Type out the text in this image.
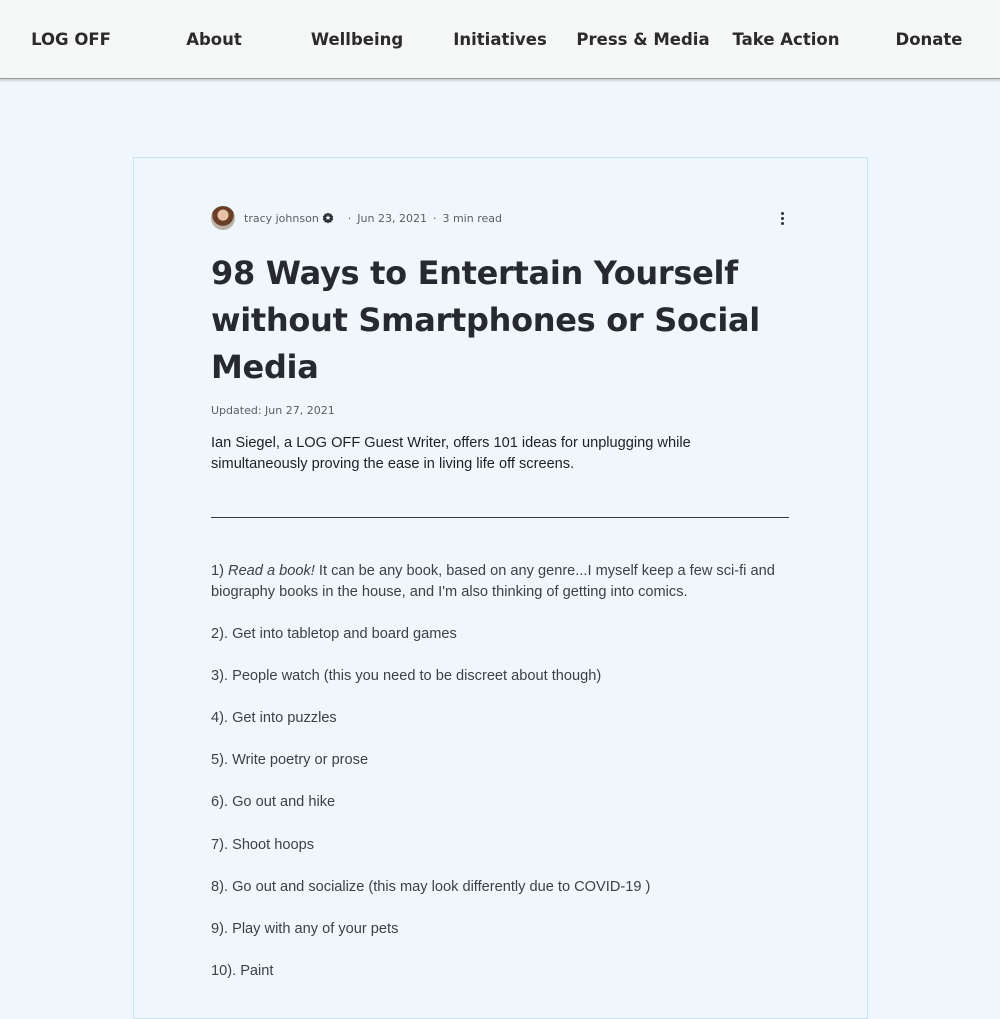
LOG OFF	About	Wellbeing	Initiatives Press & Media Take Action	Donate
tracy johnson	· Jun 23, 2021 · 3 min read
98 Ways to Entertain Yourself without Smartphones or Social Media
Updated: Jun 27, 2021
Ian Siegel, a LOG OFF Guest Writer, offers 101 ideas for unplugging while simultaneously proving the ease in living life off screens.
1) Read a book! It can be any book, based on any genre...I myself keep a few sci-fi and
biography books in the house, and I'm also thinking of getting into comics.
2). Get into tabletop and board games
3). People watch (this you need to be discreet about though)
4). Get into puzzles
5). Write poetry or prose
6). Go out and hike
7). Shoot hoops
8). Go out and socialize (this may look differently due to COVID-19 )
9). Play with any of your pets
10). Paint
